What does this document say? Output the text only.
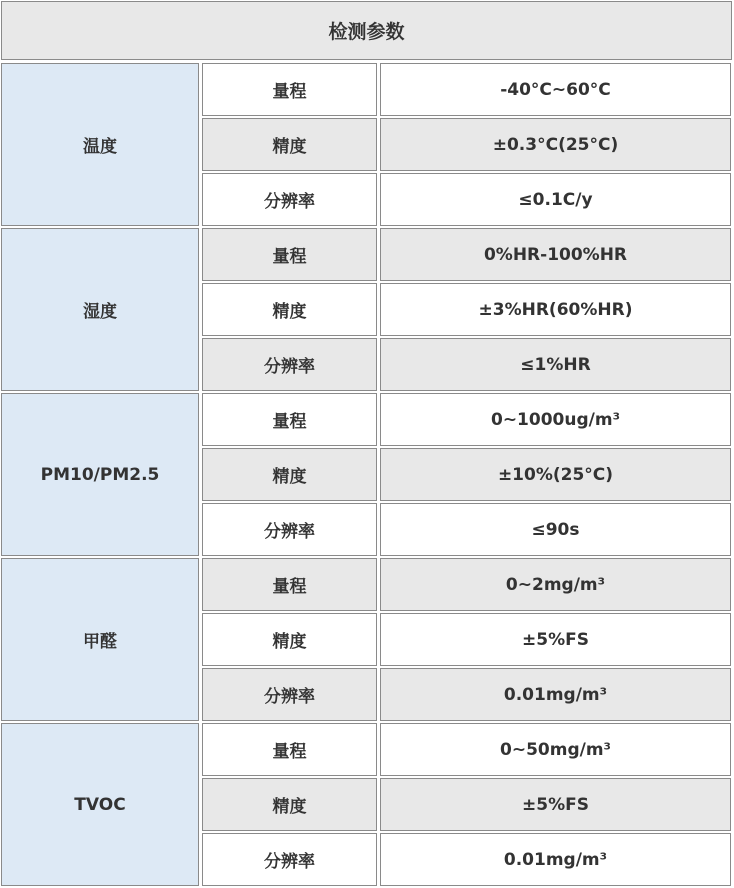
检测参数
温度
量程	-40°C~60°C
精度	±0.3°C(25°C)
分辨率	≤0.1C/y
湿度
量程	0%HR-100%HR
精度	±3%HR(60%HR)
分辨率	≤1%HR
PM10/PM2.5
量程	0~1000ug/m³
精度	±10%(25°C)
分辨率	≤90s
甲醛
量程	0~2mg/m³
精度	±5%FS
分辨率	0.01mg/m³
TVOC
量程	0~50mg/m³
精度	±5%FS
分辨率	0.01mg/m³
